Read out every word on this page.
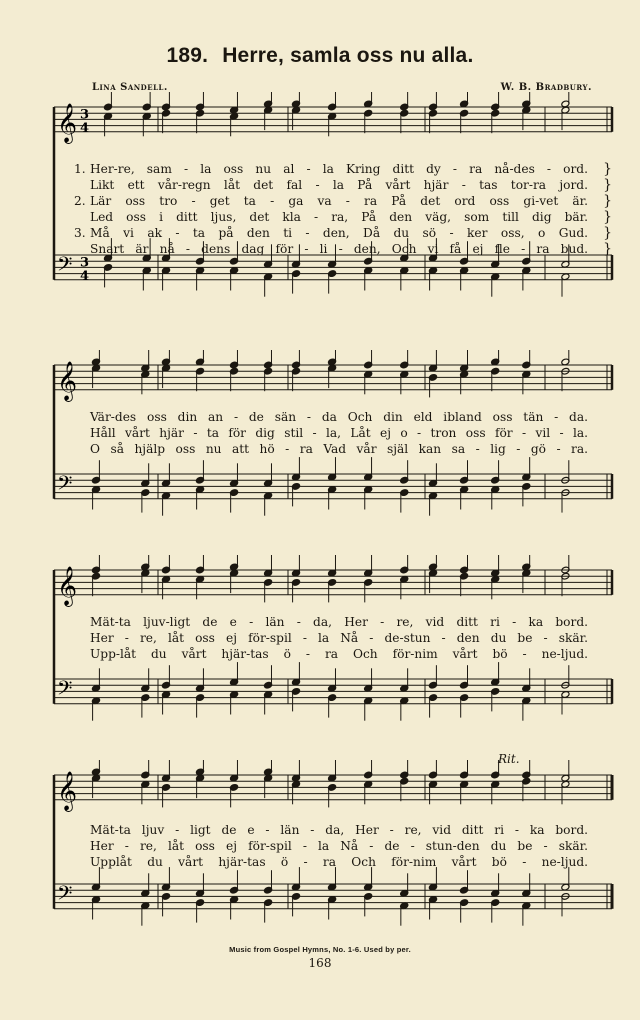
189. Herre, samla oss nu alla.
Lina Sandell.	W. B. Bradbury.
𝄞
𝄢
3
4
3
4
1. Her-re, sam - la oss nu al - la Kring ditt dy - ra nå-des - ord. }
Likt ett vår-regn låt det fal - la På vårt hjär - tas tor-ra jord. }
2. Lär oss tro - get ta - ga va - ra På det ord oss gi-vet är. }
Led oss i ditt ljus, det kla - ra, På den väg, som till dig bär. }
3. Må vi ak - ta på den ti - den, Då du sö - ker oss, o Gud. }
Snart är nå - dens dag för - li - den, Och vi få ej fle - ra bud. }
𝄞
𝄢
Vär-des oss din an - de sän - da Och din eld ibland oss tän - da.
Håll vårt hjär - ta för dig stil - la, Låt ej o - tron oss för - vil - la.
O så hjälp oss nu att hö - ra Vad vår själ kan sa - lig - gö - ra.
𝄞
𝄢
Mät-ta ljuv-ligt de e - län - da, Her - re, vid ditt ri - ka bord.
Her - re, låt oss ej för-spil - la Nå - de-stun - den du be - skär.
Upp-låt du vårt hjär-tas ö - ra Och för-nim vårt bö - ne-ljud.
Rit.
𝄞
𝄢
Mät-ta ljuv - ligt de e - län - da, Her - re, vid ditt ri - ka bord.
Her - re, låt oss ej för-spil - la Nå - de - stun-den du be - skär.
Upplåt du vårt hjär-tas ö - ra Och för-nim vårt bö - ne-ljud.
Music from Gospel Hymns, No. 1-6. Used by per.
168
